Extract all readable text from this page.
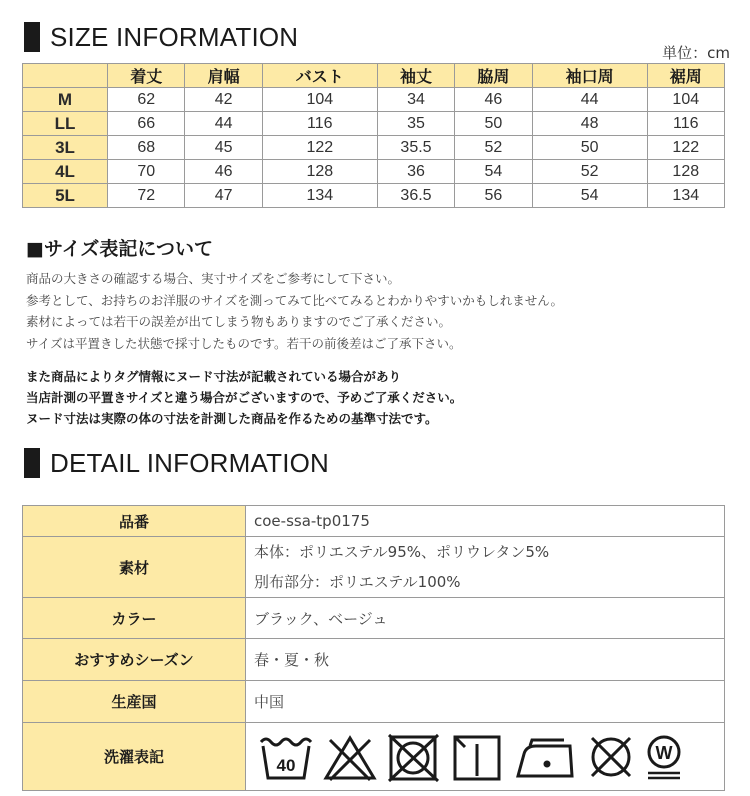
SIZE INFORMATION
単位：cm
	着丈	肩幅	バスト	袖丈	脇周	袖口周	裾周
M	62	42	104	34	46	44	104
LL	66	44	116	35	50	48	116
3L	68	45	122	35.5	52	50	122
4L	70	46	128	36	54	52	128
5L	72	47	134	36.5	56	54	134
■サイズ表記について
商品の大きさの確認する場合、実寸サイズをご参考にして下さい。
参考として、お持ちのお洋服のサイズを測ってみて比べてみるとわかりやすいかもしれません。
素材によっては若干の誤差が出てしまう物もありますのでご了承ください。
サイズは平置きした状態で採寸したものです。若干の前後差はご了承下さい。
また商品によりタグ情報にヌード寸法が記載されている場合があり
当店計測の平置きサイズと違う場合がございますので、予めご了承ください。
ヌード寸法は実際の体の寸法を計測した商品を作るための基準寸法です。
DETAIL INFORMATION
品番	coe-ssa-tp0175
素材	本体：ポリエステル95%、ポリウレタン5%
別布部分：ポリエステル100%

カラー	ブラック、ベージュ
おすすめシーズン	春・夏・秋
生産国	中国
洗濯表記	40
W
